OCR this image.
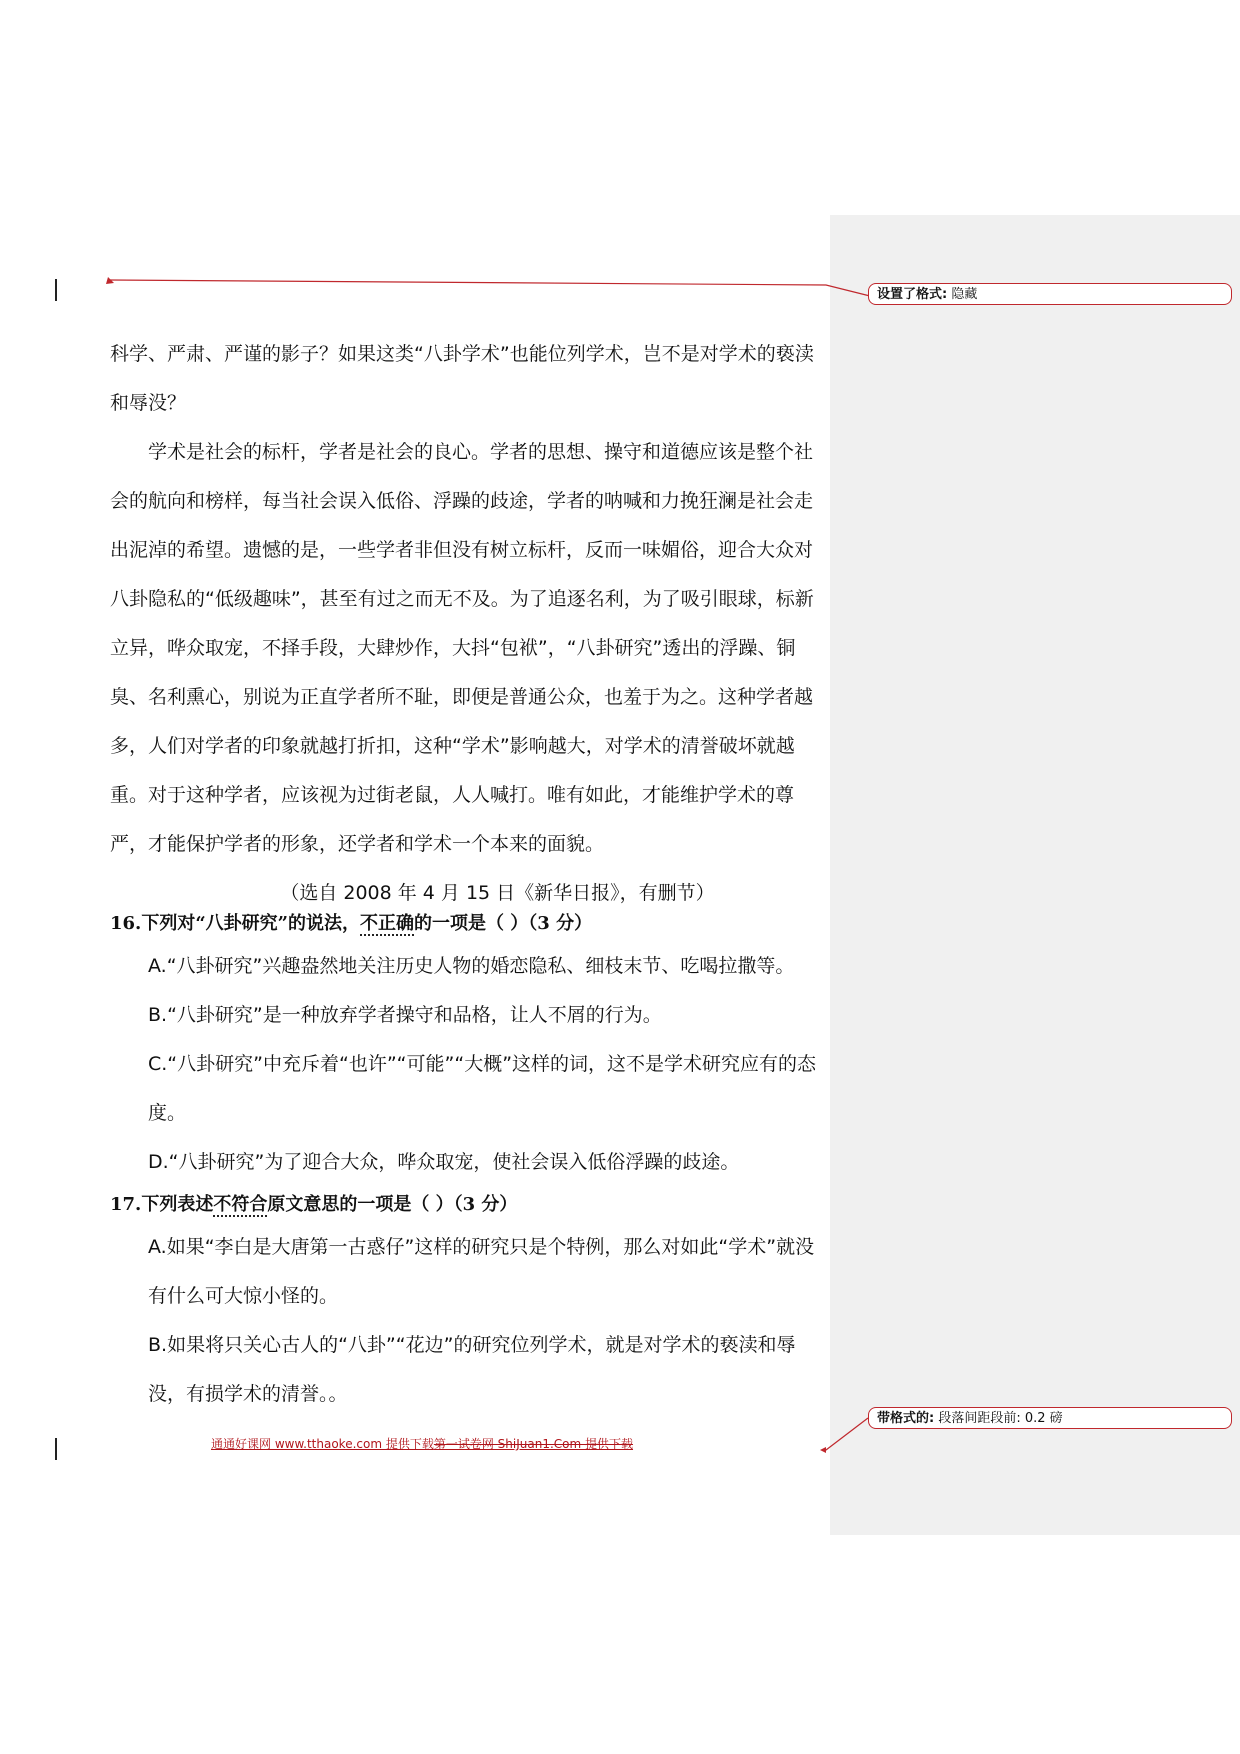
科学、严肃、严谨的影子？如果这类“八卦学术”也能位列学术，岂不是对学术的亵渎

和辱没？

学术是社会的标杆，学者是社会的良心。学者的思想、操守和道德应该是整个社会的航向和榜样，每当社会误入低俗、浮躁的歧途，学者的呐喊和力挽狂澜是社会走出泥淖的希望。遗憾的是，一些学者非但没有树立标杆，反而一味媚俗，迎合大众对八卦隐私的“低级趣味”，甚至有过之而无不及。为了追逐名利，为了吸引眼球，标新立异，哗众取宠，不择手段，大肆炒作，大抖“包袱”，“八卦研究”透出的浮躁、铜臭、名利熏心，别说为正直学者所不耻，即便是普通公众，也羞于为之。这种学者越多，人们对学者的印象就越打折扣，这种“学术”影响越大，对学术的清誉破坏就越重。对于这种学者，应该视为过街老鼠，人人喊打。唯有如此，才能维护学术的尊严，才能保护学者的形象，还学者和学术一个本来的面貌。

（选自 2008 年 4 月 15 日《新华日报》，有删节）

16.下列对“八卦研究”的说法，不正确的一项是（ ）（3 分）

A.“八卦研究”兴趣盎然地关注历史人物的婚恋隐私、细枝末节、吃喝拉撒等。

B.“八卦研究”是一种放弃学者操守和品格，让人不屑的行为。

C.“八卦研究”中充斥着“也许”“可能”“大概”这样的词，这不是学术研究应有的态度。

D.“八卦研究”为了迎合大众，哗众取宠，使社会误入低俗浮躁的歧途。

17.下列表述不符合原文意思的一项是（ ）（3 分）

A.如果“李白是大唐第一古惑仔”这样的研究只是个特例，那么对如此“学术”就没有什么可大惊小怪的。

B.如果将只关心古人的“八卦”“花边”的研究位列学术，就是对学术的亵渎和辱没，有损学术的清誉。。

通通好课网 www.tthaoke.com 提供下载第一试卷网 ShiJuan1.Com 提供下载
设置了格式: 隐藏
带格式的: 段落间距段前: 0.2 磅
